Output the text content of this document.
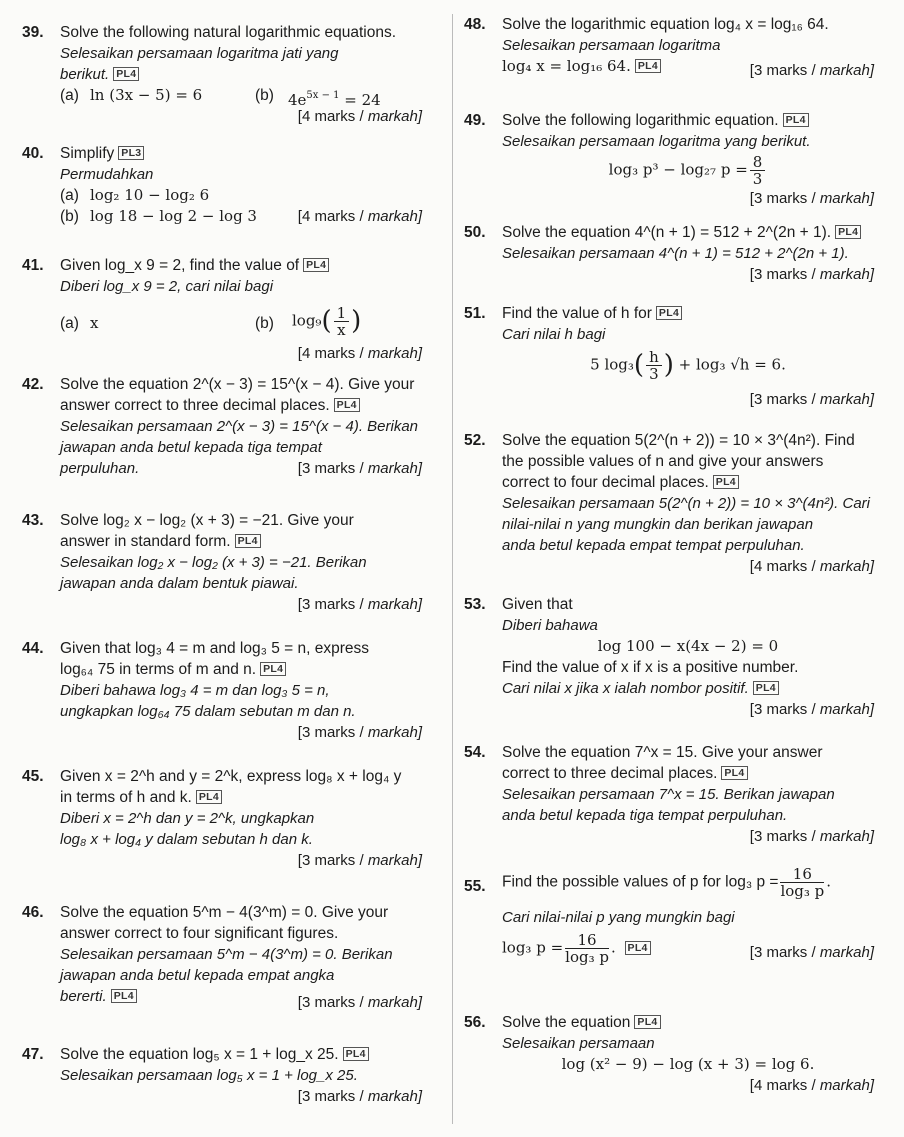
39. Solve the following natural logarithmic equations.
Selesaikan persamaan logaritma jati yang
berikut. PL4
(a) ln (3x − 5) = 6	(b) $4e^{5x - 1} = 24$
[4 marks / markah]
40. Simplify PL3
Permudahkan
(a) log₂ 10 − log₂ 6
(b) log 18 − log 2 − log 3	[4 marks / markah]
41. Given log_x 9 = 2, find the value of PL4
Diberi log_x 9 = 2, cari nilai bagi
(a) x	(b) $\log_9( \frac{1}{x}$ )
[4 marks / markah]
42. Solve the equation 2^(x − 3) = 15^(x − 4). Give your
answer correct to three decimal places. PL4
Selesaikan persamaan 2^(x − 3) = 15^(x − 4). Berikan
jawapan anda betul kepada tiga tempat
perpuluhan.	[3 marks / markah]
43. Solve log₂ x − log₂ (x + 3) = −21. Give your
answer in standard form. PL4
Selesaikan log₂ x − log₂ (x + 3) = −21. Berikan
jawapan anda dalam bentuk piawai.
[3 marks / markah]
44. Given that log₃ 4 = m and log₃ 5 = n, express
log₆₄ 75 in terms of m and n. PL4
Diberi bahawa log₃ 4 = m dan log₃ 5 = n,
ungkapkan log₆₄ 75 dalam sebutan m dan n.
[3 marks / markah]
45. Given x = 2^h and y = 2^k, express log₈ x + log₄ y
in terms of h and k. PL4
Diberi x = 2^h dan y = 2^k, ungkapkan
log₈ x + log₄ y dalam sebutan h dan k.
[3 marks / markah]
46. Solve the equation 5^m − 4(3^m) = 0. Give your
answer correct to four significant figures.
Selesaikan persamaan 5^m − 4(3^m) = 0. Berikan
jawapan anda betul kepada empat angka
bererti. PL4	[3 marks / markah]
47. Solve the equation log₅ x = 1 + log_x 25. PL4
Selesaikan persamaan log₅ x = 1 + log_x 25.
[3 marks / markah]
48. Solve the logarithmic equation log₄ x = log₁₆ 64.
Selesaikan persamaan logaritma
log₄ x = log₁₆ 64. PL4	[3 marks / markah]
49. Solve the following logarithmic equation. PL4
Selesaikan persamaan logaritma yang berikut.
log₃ p³ − log₂₇ $p = \frac{8}{3}$
[3 marks / markah]
50. Solve the equation 4^(n + 1) = 512 + 2^(2n + 1). PL4
Selesaikan persamaan 4^(n + 1) = 512 + 2^(2n + 1).
[3 marks / markah]
51. Find the value of h for PL4
Cari nilai h bagi
5 $\log_3( \frac{h}{3}$ ) + log₃ √h = 6.
[3 marks / markah]
52. Solve the equation 5(2^(n + 2)) = 10 × 3^(4n²). Find
the possible values of n and give your answers
correct to four decimal places. PL4
Selesaikan persamaan 5(2^(n + 2)) = 10 × 3^(4n²). Cari
nilai-nilai n yang mungkin dan berikan jawapan
anda betul kepada empat tempat perpuluhan.
[4 marks / markah]
53. Given that
Diberi bahawa
log 100 − x(4x − 2) = 0
Find the value of x if x is a positive number.
Cari nilai x jika x ialah nombor positif. PL4
[3 marks / markah]
54. Solve the equation 7^x = 15. Give your answer
correct to three decimal places. PL4
Selesaikan persamaan 7^x = 15. Berikan jawapan
anda betul kepada tiga tempat perpuluhan.
[3 marks / markah]
55. Find the possible values of p for log₃ $p = \frac{16}{\text{log₃ p}}$ .
Cari nilai-nilai p yang mungkin bagi
log₃ $p = \frac{16}{\text{log₃ p}}$ . PL4	[3 marks / markah]
56. Solve the equation PL4
Selesaikan persamaan
log (x² − 9) − log (x + 3) = log 6.
[4 marks / markah]
